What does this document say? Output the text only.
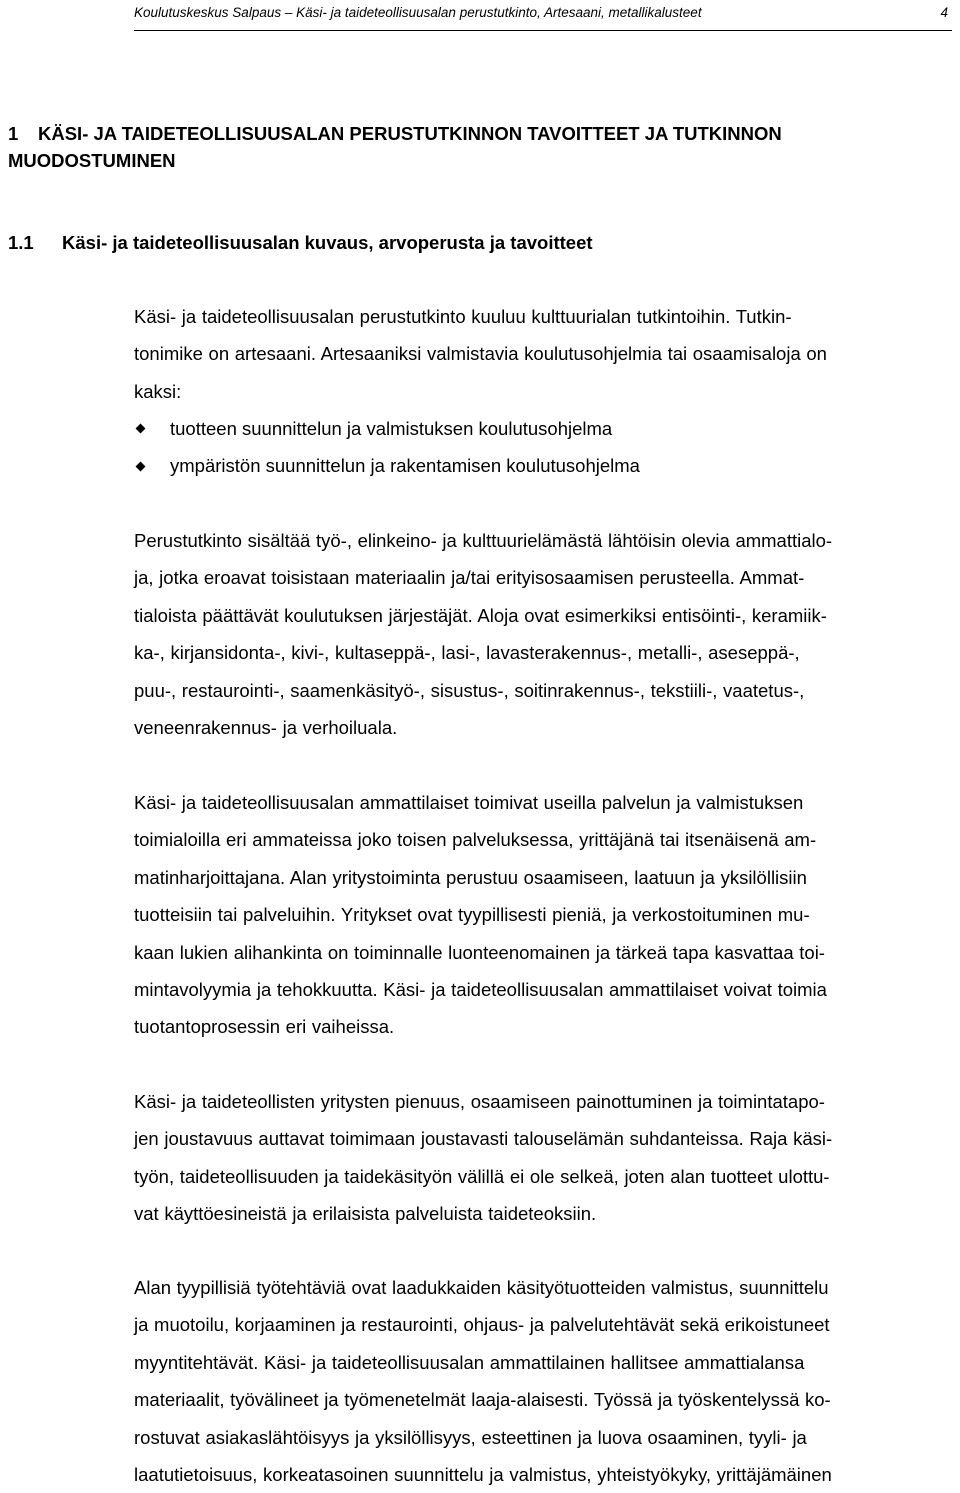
Koulutuskeskus Salpaus – Käsi- ja taideteollisuusalan perustutkinto, Artesaani, metallikalusteet	4
1 KÄSI- JA TAIDETEOLLISUUSALAN PERUSTUTKINNON TAVOITTEET JA TUTKINNON
MUODOSTUMINEN
1.1 Käsi- ja taideteollisuusalan kuvaus, arvoperusta ja tavoitteet
Käsi- ja taideteollisuusalan perustutkinto kuuluu kulttuurialan tutkintoihin. Tutkin-
tonimike on artesaani. Artesaaniksi valmistavia koulutusohjelmia tai osaamisaloja on
kaksi:
tuotteen suunnittelun ja valmistuksen koulutusohjelma
ympäristön suunnittelun ja rakentamisen koulutusohjelma
Perustutkinto sisältää työ-, elinkeino- ja kulttuurielämästä lähtöisin olevia ammattialo-
ja, jotka eroavat toisistaan materiaalin ja/tai erityisosaamisen perusteella. Ammat-
tialoista päättävät koulutuksen järjestäjät. Aloja ovat esimerkiksi entisöinti-, keramiik-
ka-, kirjansidonta-, kivi-, kultaseppä-, lasi-, lavasterakennus-, metalli-, aseseppä-,
puu-, restaurointi-, saamenkäsityö-, sisustus-, soitinrakennus-, tekstiili-, vaatetus-,
veneenrakennus- ja verhoiluala.
Käsi- ja taideteollisuusalan ammattilaiset toimivat useilla palvelun ja valmistuksen
toimialoilla eri ammateissa joko toisen palveluksessa, yrittäjänä tai itsenäisenä am-
matinharjoittajana. Alan yritystoiminta perustuu osaamiseen, laatuun ja yksilöllisiin
tuotteisiin tai palveluihin. Yritykset ovat tyypillisesti pieniä, ja verkostoituminen mu-
kaan lukien alihankinta on toiminnalle luonteenomainen ja tärkeä tapa kasvattaa toi-
mintavolyymia ja tehokkuutta. Käsi- ja taideteollisuusalan ammattilaiset voivat toimia
tuotantoprosessin eri vaiheissa.
Käsi- ja taideteollisten yritysten pienuus, osaamiseen painottuminen ja toimintatapo-
jen joustavuus auttavat toimimaan joustavasti talouselämän suhdanteissa. Raja käsi-
työn, taideteollisuuden ja taidekäsityön välillä ei ole selkeä, joten alan tuotteet ulottu-
vat käyttöesineistä ja erilaisista palveluista taideteoksiin.
Alan tyypillisiä työtehtäviä ovat laadukkaiden käsityötuotteiden valmistus, suunnittelu
ja muotoilu, korjaaminen ja restaurointi, ohjaus- ja palvelutehtävät sekä erikoistuneet
myyntitehtävät. Käsi- ja taideteollisuusalan ammattilainen hallitsee ammattialansa
materiaalit, työvälineet ja työmenetelmät laaja-alaisesti. Työssä ja työskentelyssä ko-
rostuvat asiakaslähtöisyys ja yksilöllisyys, esteettinen ja luova osaaminen, tyyli- ja
laatutietoisuus, korkeatasoinen suunnittelu ja valmistus, yhteistyökyky, yrittäjämäinen
